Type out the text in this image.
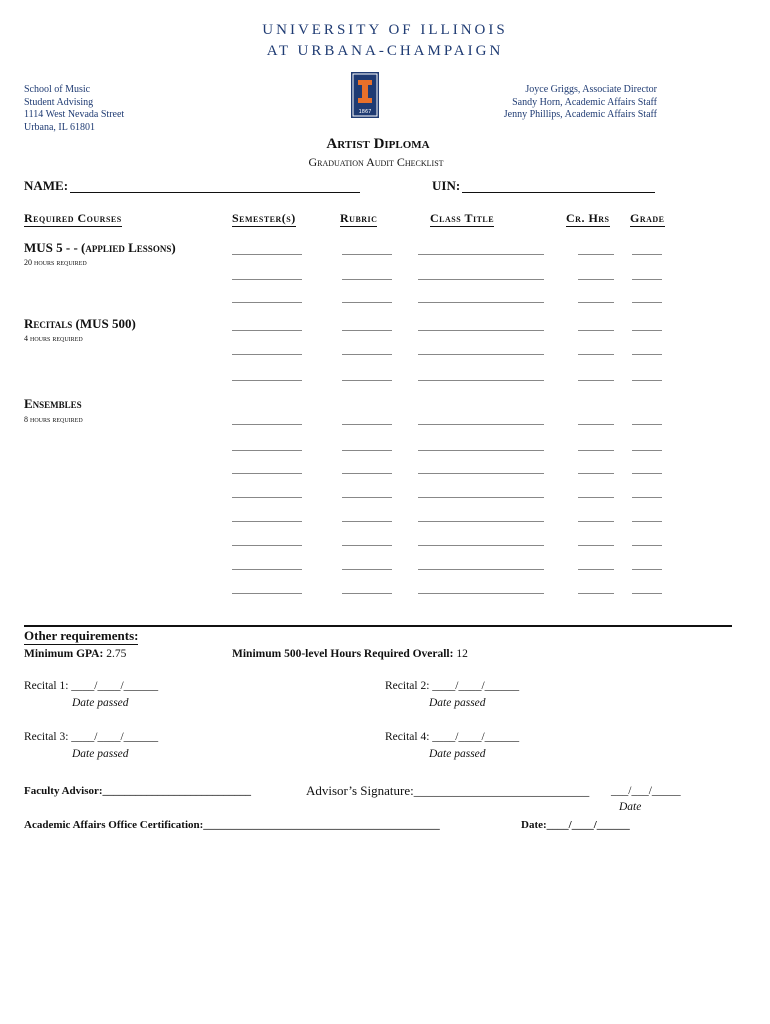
UNIVERSITY OF ILLINOIS
AT URBANA-CHAMPAIGN
School of Music
Student Advising
1114 West Nevada Street
Urbana, IL 61801
1867
Joyce Griggs, Associate Director
Sandy Horn, Academic Affairs Staff
Jenny Phillips, Academic Affairs Staff
Artist Diploma
Graduation Audit Checklist
NAME:	UIN:
Required Courses	Semester(s)	Rubric	Class Title	Cr. Hrs Grade
MUS 5 - - (applied Lessons)
20 hours required
Recitals (MUS 500)
4 hours required
Ensembles
8 hours required
Other requirements:
Minimum GPA: 2.75	Minimum 500-level Hours Required Overall: 12
Recital 1: ____/____/______
Date passed
Recital 2: ____/____/______
Date passed
Recital 3: ____/____/______
Date passed
Recital 4: ____/____/______
Date passed
Faculty Advisor:___________________________	Advisor’s Signature:___________________________ ___/___/_____
Date
Academic Affairs Office Certification:___________________________________________	Date:____/____/______
